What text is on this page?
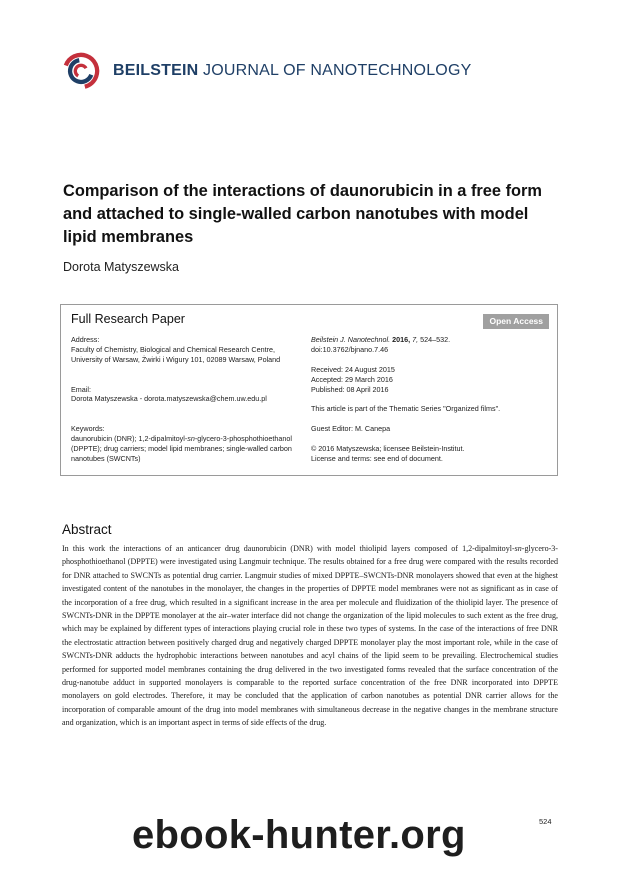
BEILSTEIN JOURNAL OF NANOTECHNOLOGY
Comparison of the interactions of daunorubicin in a free form and attached to single-walled carbon nanotubes with model lipid membranes
Dorota Matyszewska
Full Research Paper	Open Access
Address:
Faculty of Chemistry, Biological and Chemical Research Centre,
University of Warsaw, Żwirki i Wigury 101, 02089 Warsaw, Poland
Email:
Dorota Matyszewska - dorota.matyszewska@chem.uw.edu.pl
Keywords:
daunorubicin (DNR); 1,2-dipalmitoyl-sn-glycero-3-phosphothioethanol
(DPPTE); drug carriers; model lipid membranes; single-walled carbon
nanotubes (SWCNTs)
Beilstein J. Nanotechnol. 2016, 7, 524–532.
doi:10.3762/bjnano.7.46
Received: 24 August 2015
Accepted: 29 March 2016
Published: 08 April 2016
This article is part of the Thematic Series "Organized films".
Guest Editor: M. Canepa
© 2016 Matyszewska; licensee Beilstein-Institut.
License and terms: see end of document.
Abstract
In this work the interactions of an anticancer drug daunorubicin (DNR) with model thiolipid layers composed of 1,2-dipalmitoyl-sn-glycero-3-phosphothioethanol (DPPTE) were investigated using Langmuir technique. The results obtained for a free drug were compared with the results recorded for DNR attached to SWCNTs as potential drug carrier. Langmuir studies of mixed DPPTE–SWCNTs-DNR monolayers showed that even at the highest investigated content of the nanotubes in the monolayer, the changes in the properties of DPPTE model membranes were not as significant as in case of the incorporation of a free drug, which resulted in a significant increase in the area per molecule and fluidization of the thiolipid layer. The presence of SWCNTs-DNR in the DPPTE monolayer at the air–water interface did not change the organization of the lipid molecules to such extent as the free drug, which may be explained by different types of interactions playing crucial role in these two types of systems. In the case of the interactions of free DNR the electrostatic attraction between positively charged drug and negatively charged DPPTE monolayer play the most important role, while in the case of SWCNTs-DNR adducts the hydrophobic interactions between nanotubes and acyl chains of the lipid seem to be prevailing. Electrochemical studies performed for supported model membranes containing the drug delivered in the two investigated forms revealed that the surface concentration of the drug-nanotube adduct in supported monolayers is comparable to the reported surface concentration of the free DNR incorporated into DPPTE monolayers on gold electrodes. Therefore, it may be concluded that the application of carbon nanotubes as potential DNR carrier allows for the incorporation of comparable amount of the drug into model membranes with simultaneous decrease in the negative changes in the membrane structure and organization, which is an important aspect in terms of side effects of the drug.
524
ebook-hunter.org
